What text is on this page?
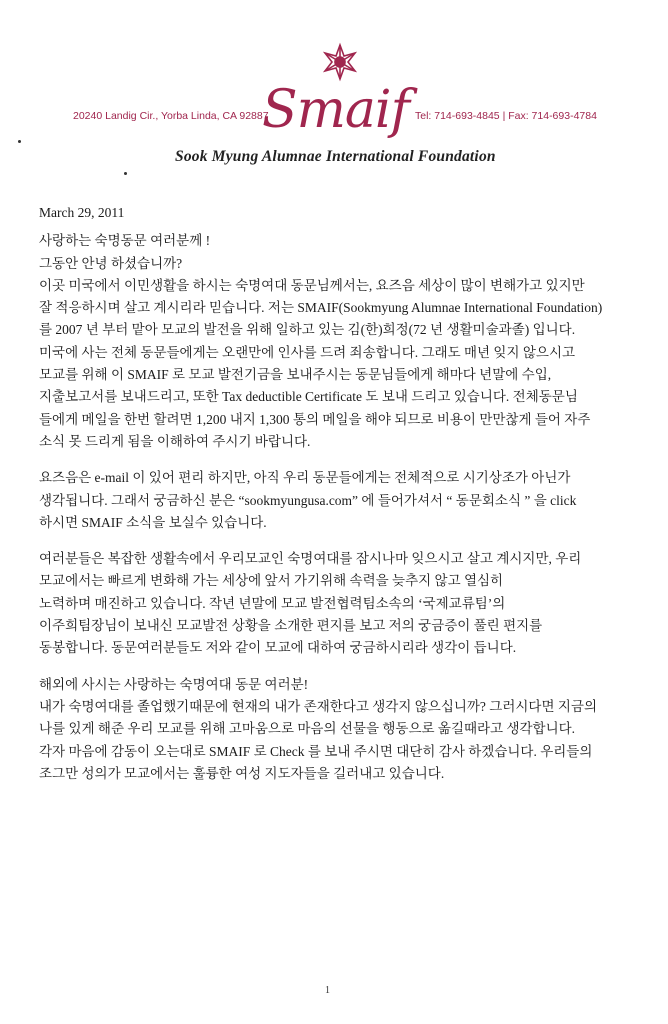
20240 Landig Cir., Yorba Linda, CA 92887
Smaif Tel: 714-693-4845 | Fax: 714-693-4784
Sook Myung Alumnae International Foundation
March 29, 2011
사랑하는 숙명동문 여러분께 !
그동안 안녕 하셨습니까?
이곳 미국에서 이민생활을 하시는 숙명여대 동문님께서는, 요즈음 세상이 많이 변해가고 있지만
잘 적응하시며 살고 계시리라 믿습니다. 저는 SMAIF(Sookmyung Alumnae International Foundation)
를 2007 년 부터 맡아 모교의 발전을 위해 일하고 있는 김(한)희정(72 년 생활미술과졸) 입니다.
미국에 사는 전체 동문들에게는 오랜만에 인사를 드려 죄송합니다. 그래도 매년 잊지 않으시고
모교를 위해 이 SMAIF 로 모교 발전기금을 보내주시는 동문님들에게 해마다 년말에 수입,
지출보고서를 보내드리고, 또한 Tax deductible Certificate 도 보내 드리고 있습니다. 전체동문님
들에게 메일을 한번 할려면 1,200 내지 1,300 통의 메일을 해야 되므로 비용이 만만찮게 들어 자주
소식 못 드리게 됨을 이해하여 주시기 바랍니다.
요즈음은 e-mail 이 있어 편리 하지만, 아직 우리 동문들에게는 전체적으로 시기상조가 아닌가
생각됩니다. 그래서 궁금하신 분은 “sookmyungusa.com” 에 들어가셔서 “ 동문회소식 ” 을 click
하시면 SMAIF 소식을 보실수 있습니다.
여러분들은 복잡한 생활속에서 우리모교인 숙명여대를 잠시나마 잊으시고 살고 계시지만, 우리
모교에서는 빠르게 변화해 가는 세상에 앞서 가기위해 속력을 늦추지 않고 열심히
노력하며 매진하고 있습니다. 작년 년말에 모교 발전협력팀소속의 ‘국제교류팀’의
이주희팀장님이 보내신 모교발전 상황을 소개한 편지를 보고 저의 궁금증이 풀린 편지를
동봉합니다. 동문여러분들도 저와 같이 모교에 대하여 궁금하시리라 생각이 듭니다.
해외에 사시는 사랑하는 숙명여대 동문 여러분!
내가 숙명여대를 졸업했기때문에 현재의 내가 존재한다고 생각지 않으십니까? 그러시다면 지금의
나를 있게 해준 우리 모교를 위해 고마움으로 마음의 선물을 행동으로 옮길때라고 생각합니다.
각자 마음에 감동이 오는대로 SMAIF 로 Check 를 보내 주시면 대단히 감사 하겠습니다. 우리들의
조그만 성의가 모교에서는 훌륭한 여성 지도자들을 길러내고 있습니다.
1
